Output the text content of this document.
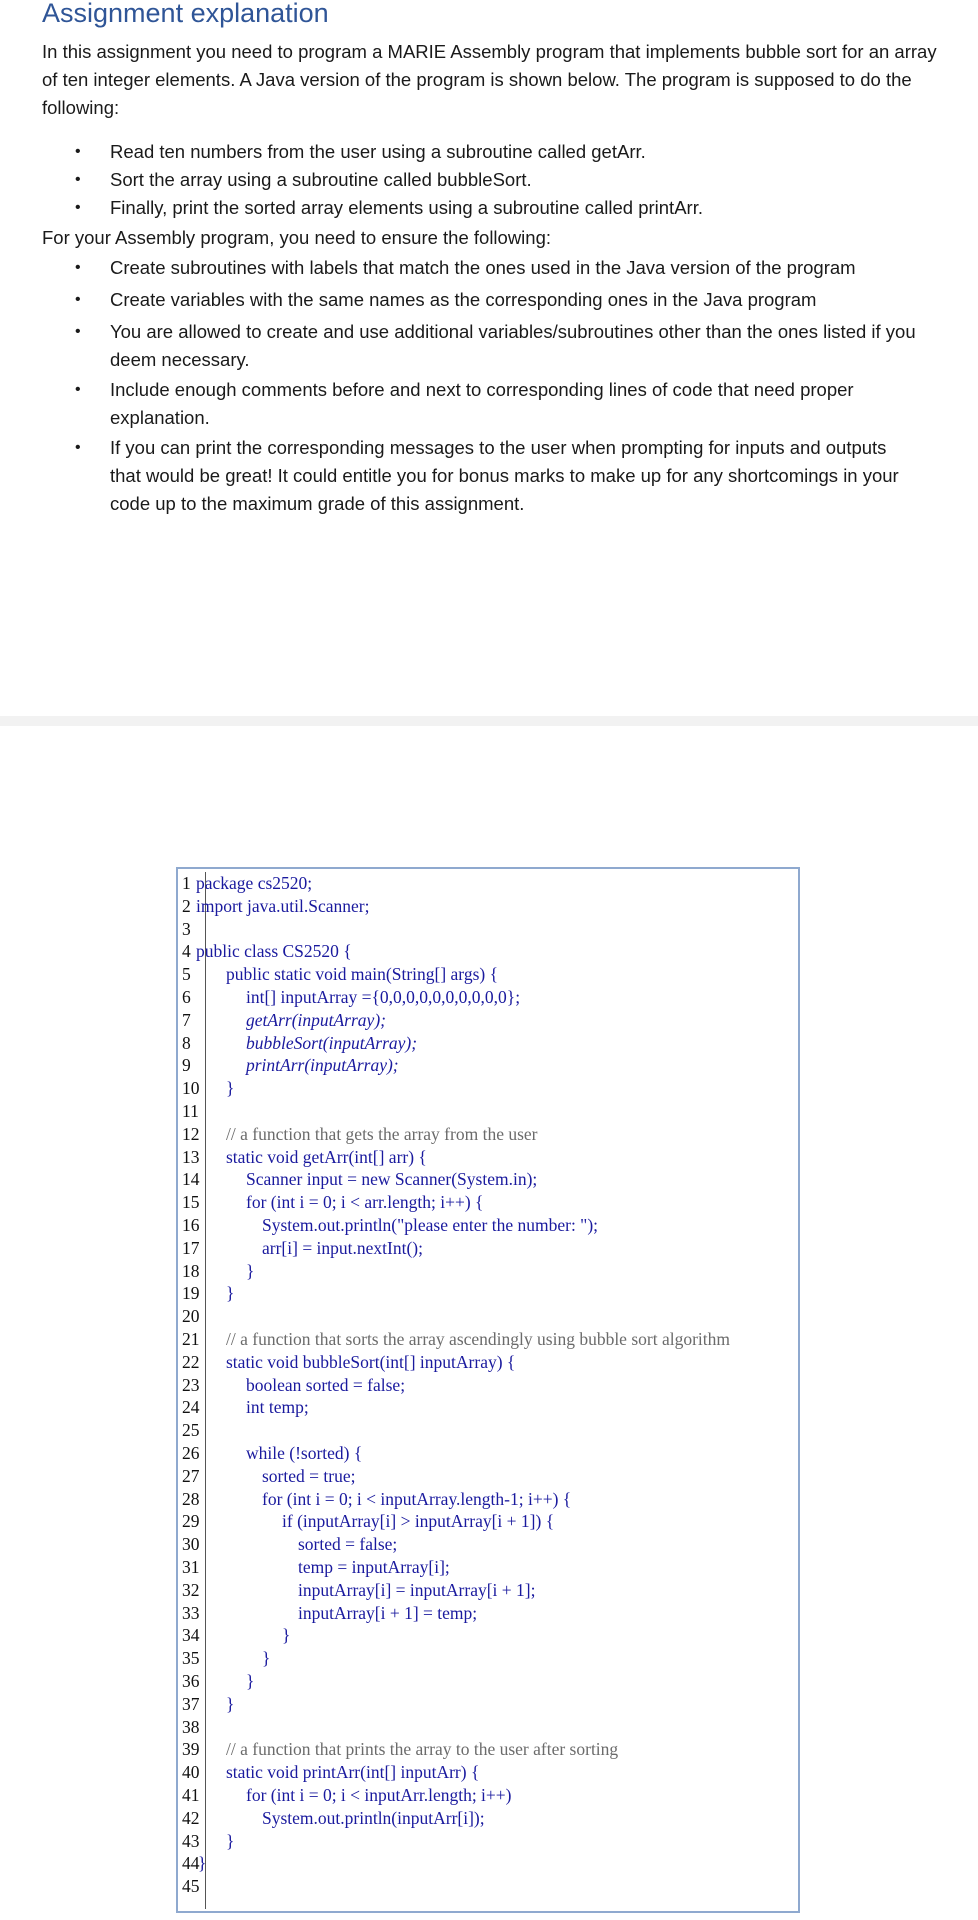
Assignment explanation

In this assignment you need to program a MARIE Assembly program that implements bubble sort for an array of ten integer elements. A Java version of the program is shown below. The program is supposed to do the following:

• Read ten numbers from the user using a subroutine called getArr.
• Sort the array using a subroutine called bubbleSort.
• Finally, print the sorted array elements using a subroutine called printArr.

For your Assembly program, you need to ensure the following:

• Create subroutines with labels that match the ones used in the Java version of the program
• Create variables with the same names as the corresponding ones in the Java program
• You are allowed to create and use additional variables/subroutines other than the ones listed if you deem necessary.
• Include enough comments before and next to corresponding lines of code that need proper explanation.
• If you can print the corresponding messages to the user when prompting for inputs and outputs that would be great! It could entitle you for bonus marks to make up for any shortcomings in your code up to the maximum grade of this assignment.
1 package cs2520;
2 import java.util.Scanner;
3
4 public class CS2520 {
5 public static void main(String[] args) {
6	int[] inputArray ={0,0,0,0,0,0,0,0,0,0};
7	getArr(inputArray);
8	bubbleSort(inputArray);
9	printArr(inputArray);
10 }
11
12 // a function that gets the array from the user
13 static void getArr(int[] arr) {
14	Scanner input = new Scanner(System.in);
15	for (int i = 0; i < arr.length; i++) {
16	System.out.println("please enter the number: ");
17	arr[i] = input.nextInt();
18	}
19 }
20
21 // a function that sorts the array ascendingly using bubble sort algorithm
22 static void bubbleSort(int[] inputArray) {
23	boolean sorted = false;
24	int temp;
25
26	while (!sorted) {
27	sorted = true;
28	for (int i = 0; i < inputArray.length-1; i++) {
29	if (inputArray[i] > inputArray[i + 1]) {
30	sorted = false;
31	temp = inputArray[i];
32	inputArray[i] = inputArray[i + 1];
33	inputArray[i + 1] = temp;
34	}
35	}
36	}
37 }
38
39 // a function that prints the array to the user after sorting
40 static void printArr(int[] inputArr) {
41	for (int i = 0; i < inputArr.length; i++)
42	System.out.println(inputArr[i]);
43 }
44
}
45
